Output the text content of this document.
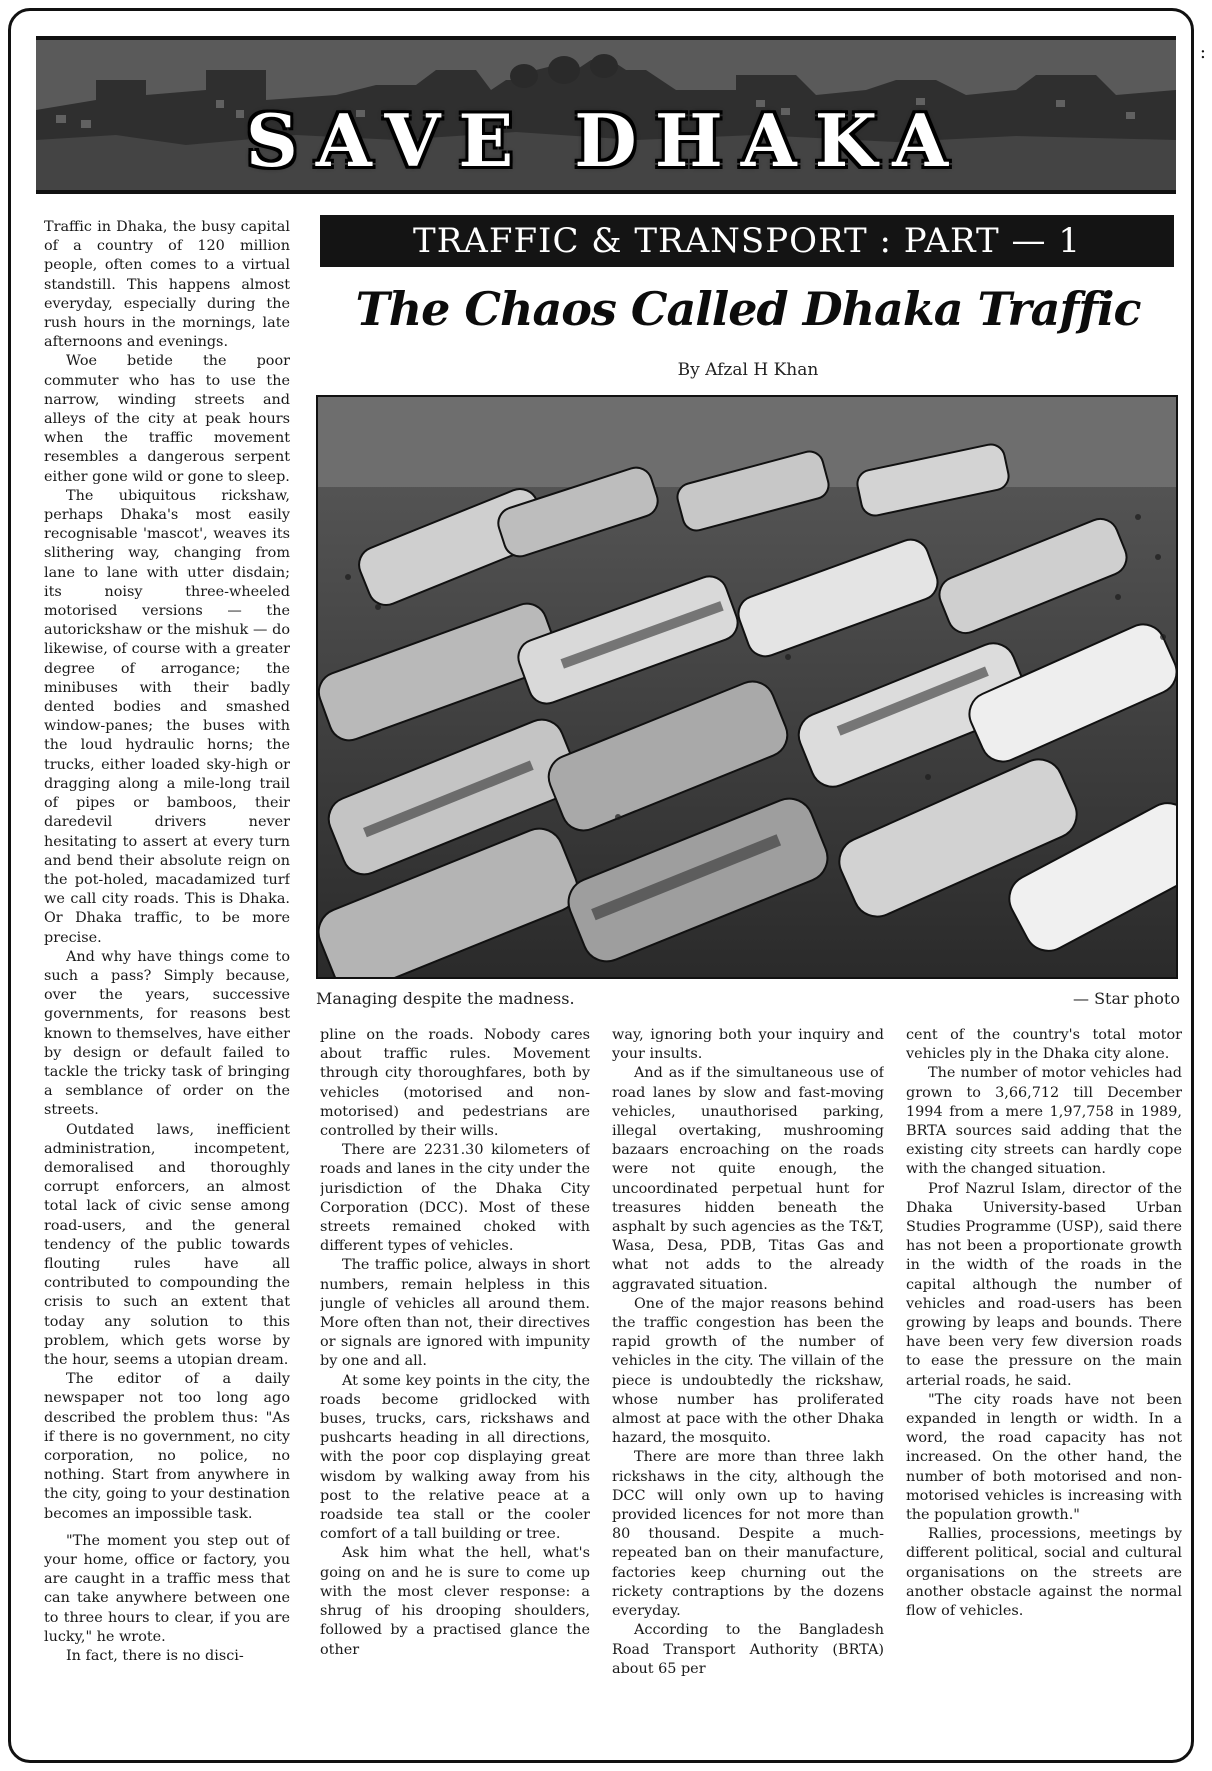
:
SAVE DHAKA
TRAFFIC & TRANSPORT : PART — 1
The Chaos Called Dhaka Traffic
By Afzal H Khan
Managing despite the madness.	— Star photo

Traffic in Dhaka, the busy capital of a country of 120 million people, often comes to a virtual standstill. This happens almost everyday, especially during the rush hours in the mornings, late afternoons and evenings.

Woe betide the poor commuter who has to use the narrow, winding streets and alleys of the city at peak hours when the traffic movement resembles a dangerous serpent either gone wild or gone to sleep.

The ubiquitous rickshaw, perhaps Dhaka's most easily recognisable 'mascot', weaves its slithering way, changing from lane to lane with utter disdain; its noisy three-wheeled motorised versions — the autorickshaw or the mishuk — do likewise, of course with a greater degree of arrogance; the minibuses with their badly dented bodies and smashed window-panes; the buses with the loud hydraulic horns; the trucks, either loaded sky-high or dragging along a mile-long trail of pipes or bamboos, their daredevil drivers never hesitating to assert at every turn and bend their absolute reign on the pot-holed, macadamized turf we call city roads. This is Dhaka. Or Dhaka traffic, to be more precise.

And why have things come to such a pass? Simply because, over the years, successive governments, for reasons best known to themselves, have either by design or default failed to tackle the tricky task of bringing a semblance of order on the streets.

Outdated laws, inefficient administration, incompetent, demoralised and thoroughly corrupt enforcers, an almost total lack of civic sense among road-users, and the general tendency of the public towards flouting rules have all contributed to compounding the crisis to such an extent that today any solution to this problem, which gets worse by the hour, seems a utopian dream.

The editor of a daily newspaper not too long ago described the problem thus: "As if there is no government, no city corporation, no police, no nothing. Start from anywhere in the city, going to your destination becomes an impossible task.

"The moment you step out of your home, office or factory, you are caught in a traffic mess that can take anywhere between one to three hours to clear, if you are lucky," he wrote.

In fact, there is no disci-

pline on the roads. Nobody cares about traffic rules. Movement through city thoroughfares, both by vehicles (motorised and non-motorised) and pedestrians are controlled by their wills.

There are 2231.30 kilometers of roads and lanes in the city under the jurisdiction of the Dhaka City Corporation (DCC). Most of these streets remained choked with different types of vehicles.

The traffic police, always in short numbers, remain helpless in this jungle of vehicles all around them. More often than not, their directives or signals are ignored with impunity by one and all.

At some key points in the city, the roads become gridlocked with buses, trucks, cars, rickshaws and pushcarts heading in all directions, with the poor cop displaying great wisdom by walking away from his post to the relative peace at a roadside tea stall or the cooler comfort of a tall building or tree.

Ask him what the hell, what's going on and he is sure to come up with the most clever response: a shrug of his drooping shoulders, followed by a practised glance the other

way, ignoring both your inquiry and your insults.

And as if the simultaneous use of road lanes by slow and fast-moving vehicles, unauthorised parking, illegal overtaking, mushrooming bazaars encroaching on the roads were not quite enough, the uncoordinated perpetual hunt for treasures hidden beneath the asphalt by such agencies as the T&T, Wasa, Desa, PDB, Titas Gas and what not adds to the already aggravated situation.

One of the major reasons behind the traffic congestion has been the rapid growth of the number of vehicles in the city. The villain of the piece is undoubtedly the rickshaw, whose number has proliferated almost at pace with the other Dhaka hazard, the mosquito.

There are more than three lakh rickshaws in the city, although the DCC will only own up to having provided licences for not more than 80 thousand. Despite a much-repeated ban on their manufacture, factories keep churning out the rickety contraptions by the dozens everyday.

According to the Bangladesh Road Transport Authority (BRTA) about 65 per

cent of the country's total motor vehicles ply in the Dhaka city alone.

The number of motor vehicles had grown to 3,66,712 till December 1994 from a mere 1,97,758 in 1989, BRTA sources said adding that the existing city streets can hardly cope with the changed situation.

Prof Nazrul Islam, director of the Dhaka University-based Urban Studies Programme (USP), said there has not been a proportionate growth in the width of the roads in the capital although the number of vehicles and road-users has been growing by leaps and bounds. There have been very few diversion roads to ease the pressure on the main arterial roads, he said.

"The city roads have not been expanded in length or width. In a word, the road capacity has not increased. On the other hand, the number of both motorised and non-motorised vehicles is increasing with the population growth."

Rallies, processions, meetings by different political, social and cultural organisations on the streets are another obstacle against the normal flow of vehicles.
